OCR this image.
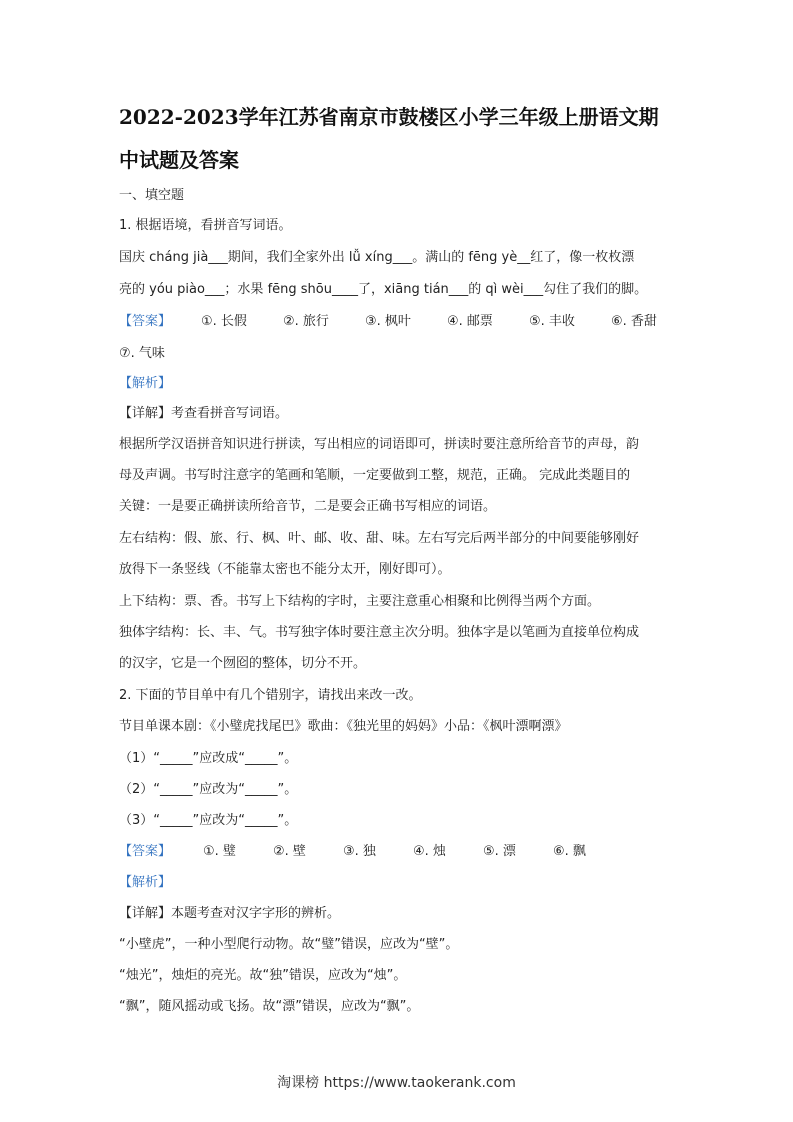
2022-2023学年江苏省南京市鼓楼区小学三年级上册语文期
中试题及答案
一、填空题
1. 根据语境，看拼音写词语。
国庆 cháng jià___期间，我们全家外出 lǚ xíng___。满山的 fēng yè__红了，像一枚枚漂
亮的 yóu piào___；水果 fēng shōu____了，xiāng tián___的 qì wèi___勾住了我们的脚。
【答案】 ①. 长假	②. 旅行	③. 枫叶	④. 邮票	⑤. 丰收	⑥. 香甜
⑦. 气味
【解析】
【详解】考查看拼音写词语。
根据所学汉语拼音知识进行拼读，写出相应的词语即可，拼读时要注意所给音节的声母，韵
母及声调。书写时注意字的笔画和笔顺，一定要做到工整，规范，正确。 完成此类题目的
关键：一是要正确拼读所给音节，二是要会正确书写相应的词语。
左右结构：假、旅、行、枫、叶、邮、收、甜、味。左右写完后两半部分的中间要能够刚好
放得下一条竖线（不能靠太密也不能分太开，刚好即可）。
上下结构：票、香。书写上下结构的字时，主要注意重心相聚和比例得当两个方面。
独体字结构：长、丰、气。书写独字体时要注意主次分明。独体字是以笔画为直接单位构成
的汉字，它是一个囫囵的整体，切分不开。
2. 下面的节目单中有几个错别字，请找出来改一改。
节目单课本剧：《小璧虎找尾巴》歌曲：《独光里的妈妈》小品：《枫叶漂啊漂》
（1）“_____”应改成“_____”。
（2）“_____”应改为“_____”。
（3）“_____”应改为“_____”。
【答案】 ①. 璧	②. 壁	③. 独	④. 烛	⑤. 漂	⑥. 飘
【解析】
【详解】本题考查对汉字字形的辨析。
“小壁虎”，一种小型爬行动物。故“璧”错误，应改为“壁”。
“烛光”，烛炬的亮光。故“独”错误，应改为“烛”。
“飘”，随风摇动或飞扬。故“漂”错误，应改为“飘”。
淘课榜 https://www.taokerank.com
